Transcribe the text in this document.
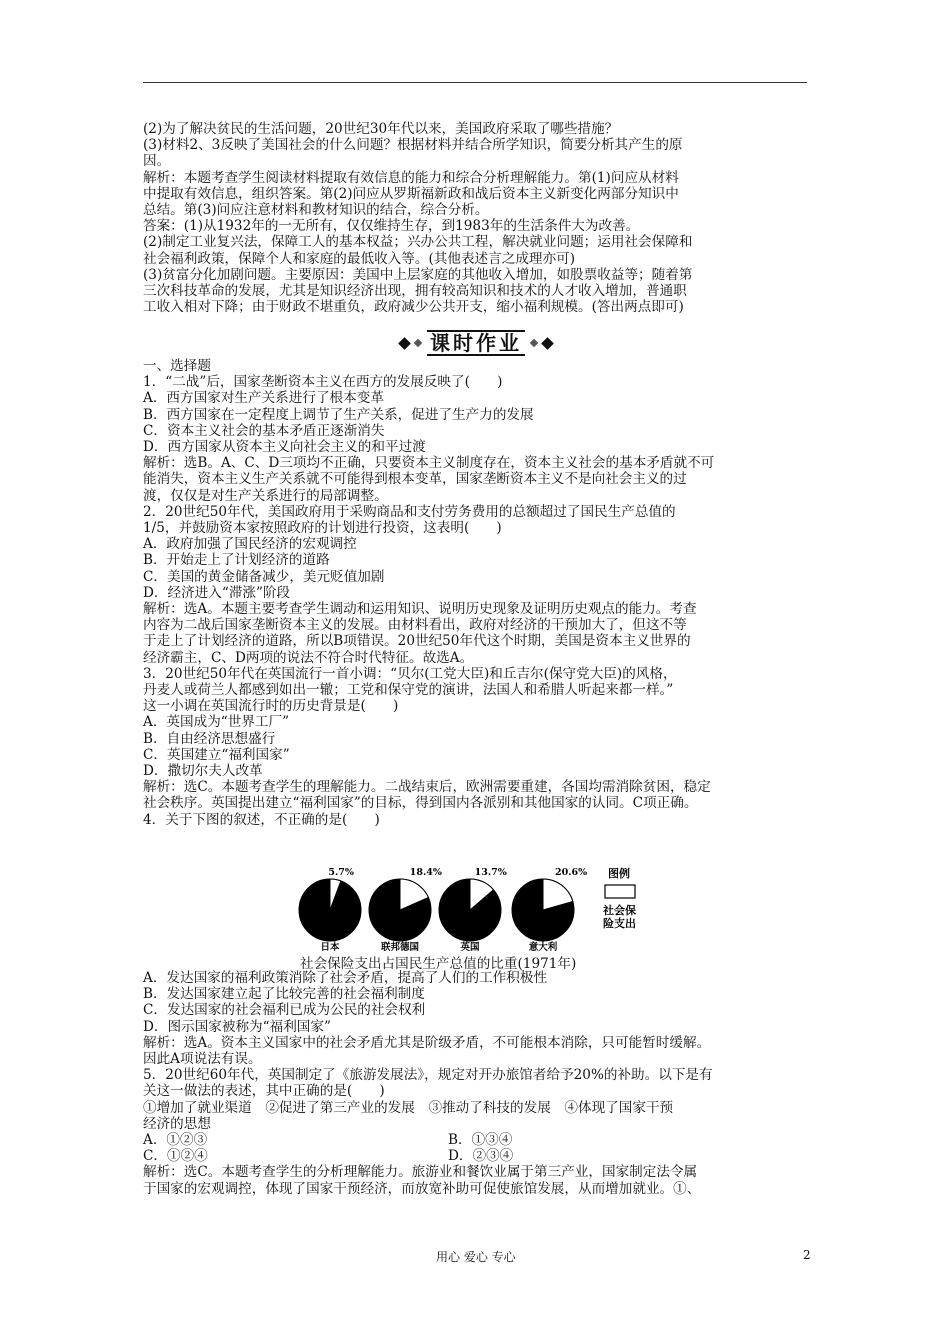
(2)为了解决贫民的生活问题，20世纪30年代以来，美国政府采取了哪些措施？

(3)材料2、3反映了美国社会的什么问题？根据材料并结合所学知识，简要分析其产生的原

因。

解析：本题考查学生阅读材料提取有效信息的能力和综合分析理解能力。第(1)问应从材料

中提取有效信息，组织答案。第(2)问应从罗斯福新政和战后资本主义新变化两部分知识中

总结。第(3)问应注意材料和教材知识的结合，综合分析。

答案：(1)从1932年的一无所有，仅仅维持生存，到1983年的生活条件大为改善。

(2)制定工业复兴法，保障工人的基本权益；兴办公共工程，解决就业问题；运用社会保障和

社会福利政策，保障个人和家庭的最低收入等。(其他表述言之成理亦可)

(3)贫富分化加剧问题。主要原因：美国中上层家庭的其他收入增加，如股票收益等；随着第

三次科技革命的发展，尤其是知识经济出现，拥有较高知识和技术的人才收入增加，普通职

工收入相对下降；由于财政不堪重负，政府减少公共开支，缩小福利规模。(答出两点即可)

课时作业

一、选择题

1．“二战”后，国家垄断资本主义在西方的发展反映了(　　)

A．西方国家对生产关系进行了根本变革

B．西方国家在一定程度上调节了生产关系，促进了生产力的发展

C．资本主义社会的基本矛盾正逐渐消失

D．西方国家从资本主义向社会主义的和平过渡

解析：选B。A、C、D三项均不正确，只要资本主义制度存在，资本主义社会的基本矛盾就不可

能消失，资本主义生产关系就不可能得到根本变革，国家垄断资本主义不是向社会主义的过

渡，仅仅是对生产关系进行的局部调整。

2．20世纪50年代，美国政府用于采购商品和支付劳务费用的总额超过了国民生产总值的

1/5，并鼓励资本家按照政府的计划进行投资，这表明(　　)

A．政府加强了国民经济的宏观调控

B．开始走上了计划经济的道路

C．美国的黄金储备减少，美元贬值加剧

D．经济进入“滞涨”阶段

解析：选A。本题主要考查学生调动和运用知识、说明历史现象及证明历史观点的能力。考查

内容为二战后国家垄断资本主义的发展。由材料看出，政府对经济的干预加大了，但这不等

于走上了计划经济的道路，所以B项错误。20世纪50年代这个时期，美国是资本主义世界的

经济霸主，C、D两项的说法不符合时代特征。故选A。

3．20世纪50年代在英国流行一首小调：“贝尔(工党大臣)和丘吉尔(保守党大臣)的风格，

丹麦人或荷兰人都感到如出一辙；工党和保守党的演讲，法国人和希腊人听起来都一样。”

这一小调在英国流行时的历史背景是(　　)

A．英国成为“世界工厂”

B．自由经济思想盛行

C．英国建立“福利国家”

D．撒切尔夫人改革

解析：选C。本题考查学生的理解能力。二战结束后，欧洲需要重建，各国均需消除贫困，稳定

社会秩序。英国提出建立“福利国家”的目标，得到国内各派别和其他国家的认同。C项正确。

4．关于下图的叙述，不正确的是(　　)

5.7%
日本
18.4%
联邦德国
13.7%
英国
20.6%
意大利
图例
社会保
险支出
社会保险支出占国民生产总值的比重(1971年)

A．发达国家的福利政策消除了社会矛盾，提高了人们的工作积极性

B．发达国家建立起了比较完善的社会福利制度

C．发达国家的社会福利已成为公民的社会权利

D．图示国家被称为“福利国家”

解析：选A。资本主义国家中的社会矛盾尤其是阶级矛盾，不可能根本消除，只可能暂时缓解。

因此A项说法有误。

5．20世纪60年代，英国制定了《旅游发展法》，规定对开办旅馆者给予20%的补助。以下是有

关这一做法的表述，其中正确的是(　　)

①增加了就业渠道　②促进了第三产业的发展　③推动了科技的发展　④体现了国家干预

经济的思想

A．①②③	B．①③④

C．①②④	D．②③④

解析：选C。本题考查学生的分析理解能力。旅游业和餐饮业属于第三产业，国家制定法令属

于国家的宏观调控，体现了国家干预经济，而放宽补助可促使旅馆发展，从而增加就业。①、

用心 爱心 专心	2
